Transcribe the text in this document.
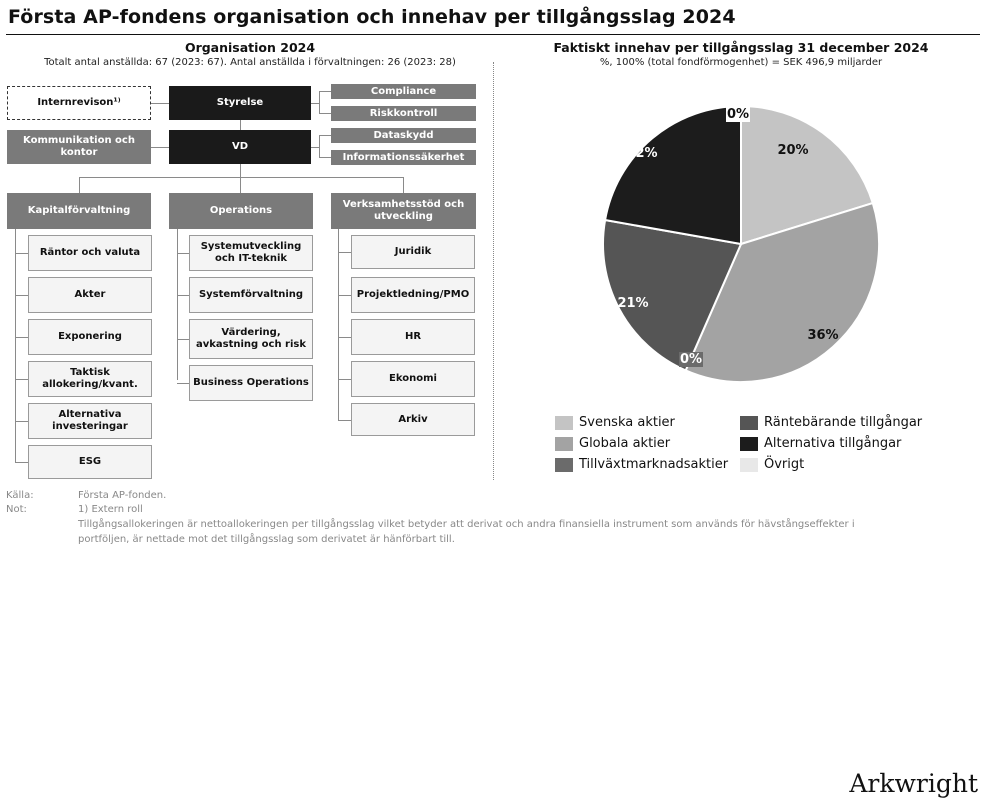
Första AP-fondens organisation och innehav per tillgångsslag 2024
Organisation 2024
Totalt antal anställda: 67 (2023: 67). Antal anställda i förvaltningen: 26 (2023: 28)
Internrevison¹⁾	Styrelse
VD
Kommunikation och kontor
Compliance
Riskkontroll
Dataskydd
Informationssäkerhet
Kapitalförvaltning	Operations
Verksamhetsstöd och utveckling
Räntor och valuta
Akter
Exponering
Taktisk allokering/kvant.
Alternativa investeringar
ESG
Systemutveckling och IT-teknik
Systemförvaltning
Värdering, avkastning och risk
Business Operations
Juridik
Projektledning/PMO
HR
Ekonomi
Arkiv
Faktiskt innehav per tillgångsslag 31 december 2024
%, 100% (total fondförmogenhet) = SEK 496,9 miljarder
20%
36%
0%
21%
22%
0%
Svenska aktier
Globala aktier
Tillväxtmarknadsaktier
Räntebärande tillgångar
Alternativa tillgångar
Övrigt
Källa:	Första AP-fonden.
Not:	1) Extern roll
Tillgångsallokeringen är nettoallokeringen per tillgångsslag vilket betyder att derivat och andra finansiella instrument som används för hävstångseffekter i
portföljen, är nettade mot det tillgångsslag som derivatet är hänförbart till.
Arkwright
